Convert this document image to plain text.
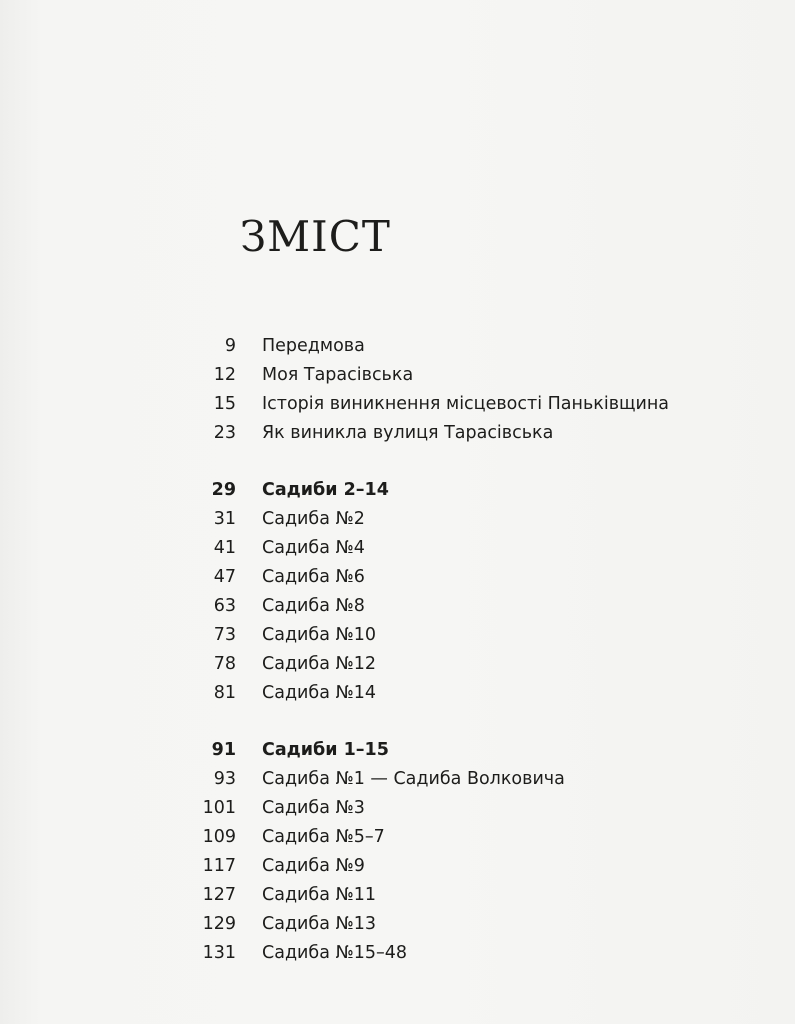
ЗМІСТ
9	Передмова
12	Моя Тарасівська
15	Історія виникнення місцевості Паньківщина
23	Як виникла вулиця Тарасівська
29	Садиби 2–14
31	Садиба №2
41	Садиба №4
47	Садиба №6
63	Садиба №8
73	Садиба №10
78	Садиба №12
81	Садиба №14
91	Садиби 1–15
93	Садиба №1 — Садиба Волковича
101	Садиба №3
109	Садиба №5–7
117	Садиба №9
127	Садиба №11
129	Садиба №13
131	Садиба №15–48
